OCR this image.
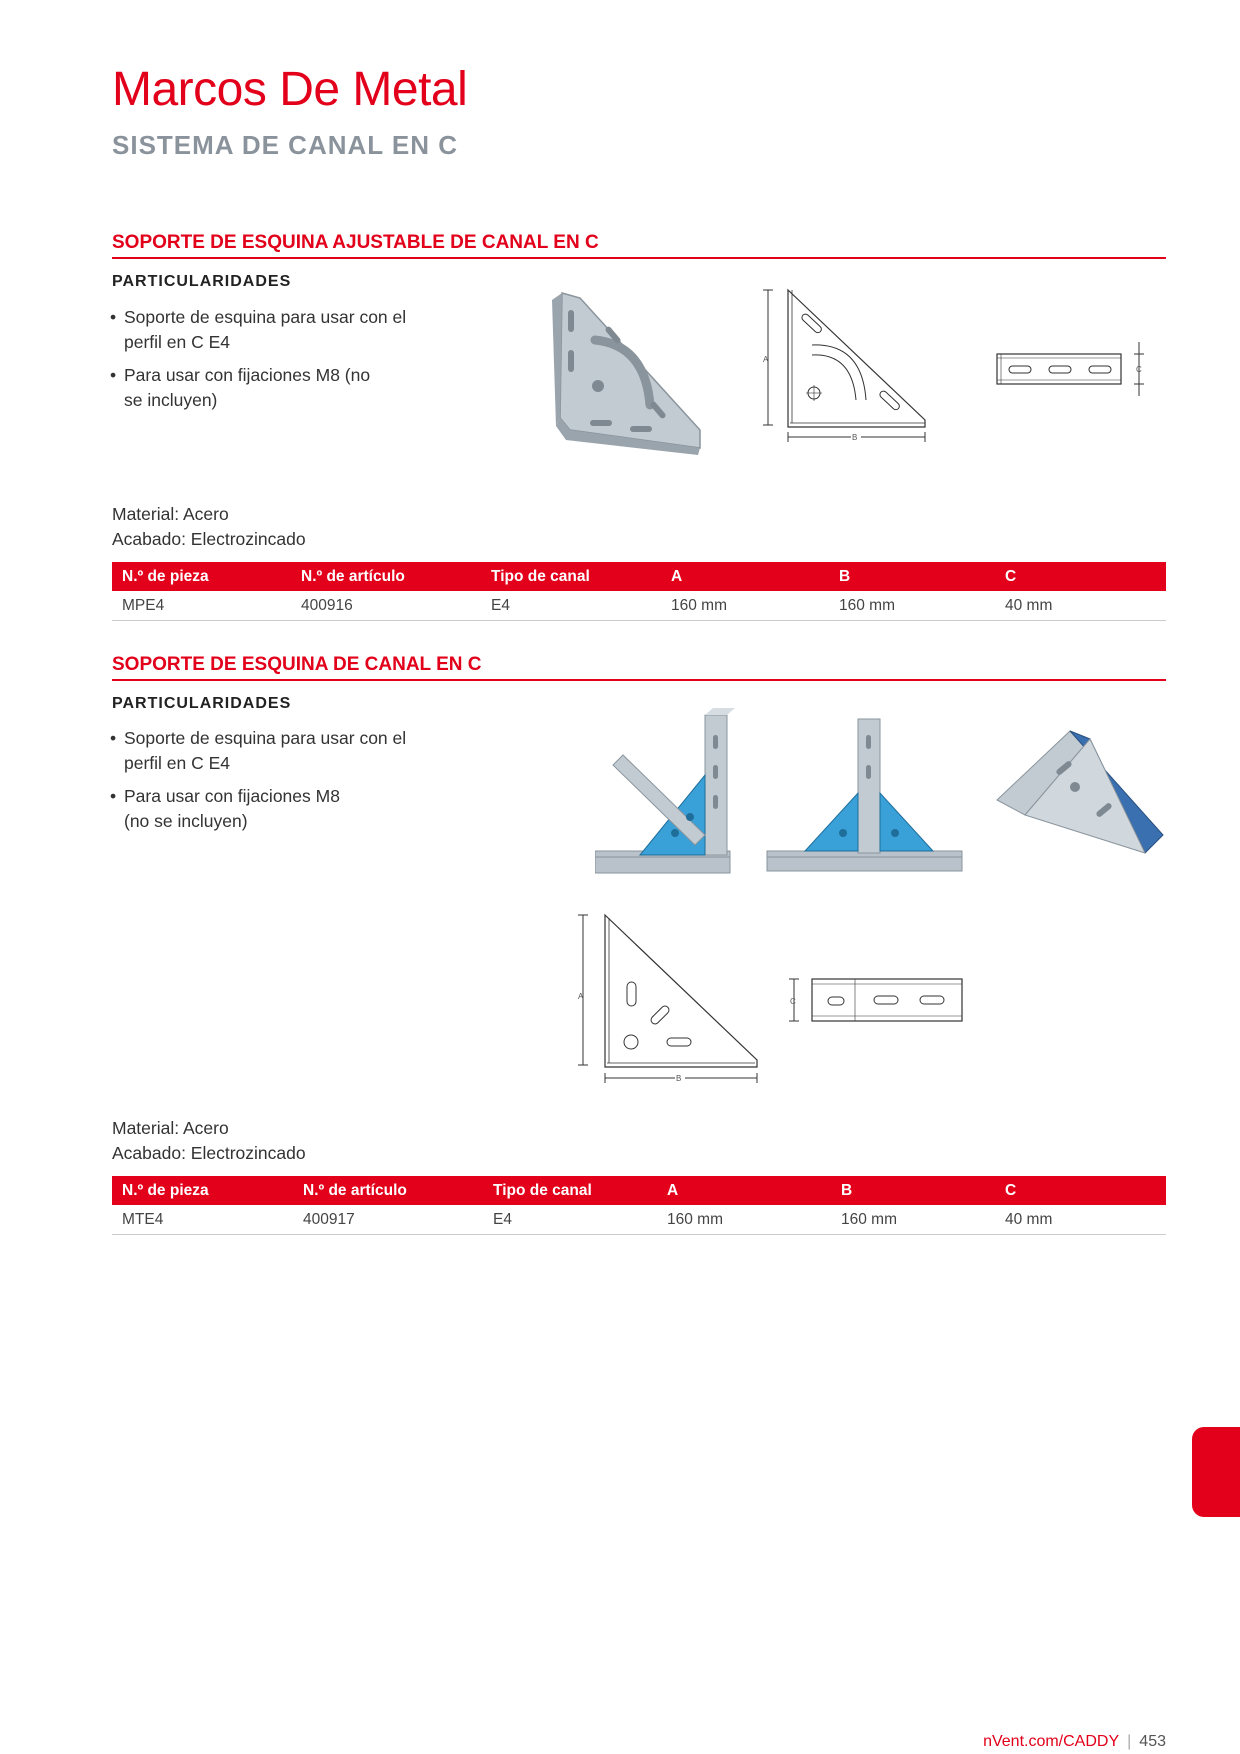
Marcos De Metal
SISTEMA DE CANAL EN C
SOPORTE DE ESQUINA AJUSTABLE DE CANAL EN C
PARTICULARIDADES
• Soporte de esquina para usar con el
perfil en C E4
• Para usar con fijaciones M8 (no
se incluyen)
A
B
C
Material: Acero
Acabado: Electrozincado
N.º de pieza	N.º de artículo	Tipo de canal	A	B	C
MPE4	400916	E4	160 mm	160 mm	40 mm
SOPORTE DE ESQUINA DE CANAL EN C
PARTICULARIDADES
• Soporte de esquina para usar con el
perfil en C E4
• Para usar con fijaciones M8
(no se incluyen)
A
B
C
Material: Acero
Acabado: Electrozincado
N.º de pieza	N.º de artículo	Tipo de canal	A	B	C
MTE4	400917	E4	160 mm	160 mm	40 mm
nVent.com/CADDY | 453
